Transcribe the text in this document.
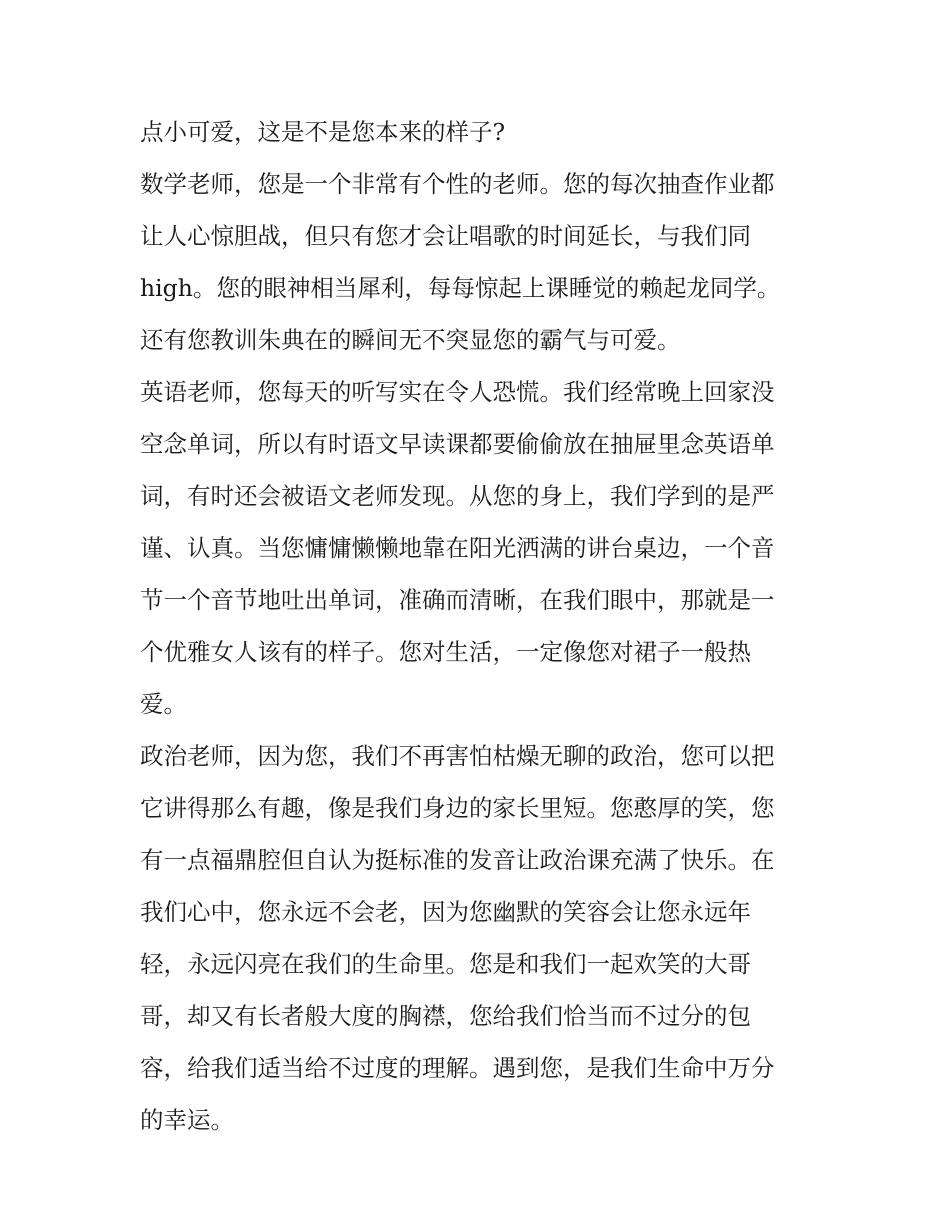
点小可爱，这是不是您本来的样子?
数学老师，您是一个非常有个性的老师。您的每次抽查作业都
让人心惊胆战，但只有您才会让唱歌的时间延长，与我们同
high。您的眼神相当犀利，每每惊起上课睡觉的赖起龙同学。
还有您教训朱典在的瞬间无不突显您的霸气与可爱。
英语老师，您每天的听写实在令人恐慌。我们经常晚上回家没
空念单词，所以有时语文早读课都要偷偷放在抽屉里念英语单
词，有时还会被语文老师发现。从您的身上，我们学到的是严
谨、认真。当您慵慵懒懒地靠在阳光洒满的讲台桌边，一个音
节一个音节地吐出单词，准确而清晰，在我们眼中，那就是一
个优雅女人该有的样子。您对生活，一定像您对裙子一般热
爱。
政治老师，因为您，我们不再害怕枯燥无聊的政治，您可以把
它讲得那么有趣，像是我们身边的家长里短。您憨厚的笑，您
有一点福鼎腔但自认为挺标准的发音让政治课充满了快乐。在
我们心中，您永远不会老，因为您幽默的笑容会让您永远年
轻，永远闪亮在我们的生命里。您是和我们一起欢笑的大哥
哥，却又有长者般大度的胸襟，您给我们恰当而不过分的包
容，给我们适当给不过度的理解。遇到您，是我们生命中万分
的幸运。
